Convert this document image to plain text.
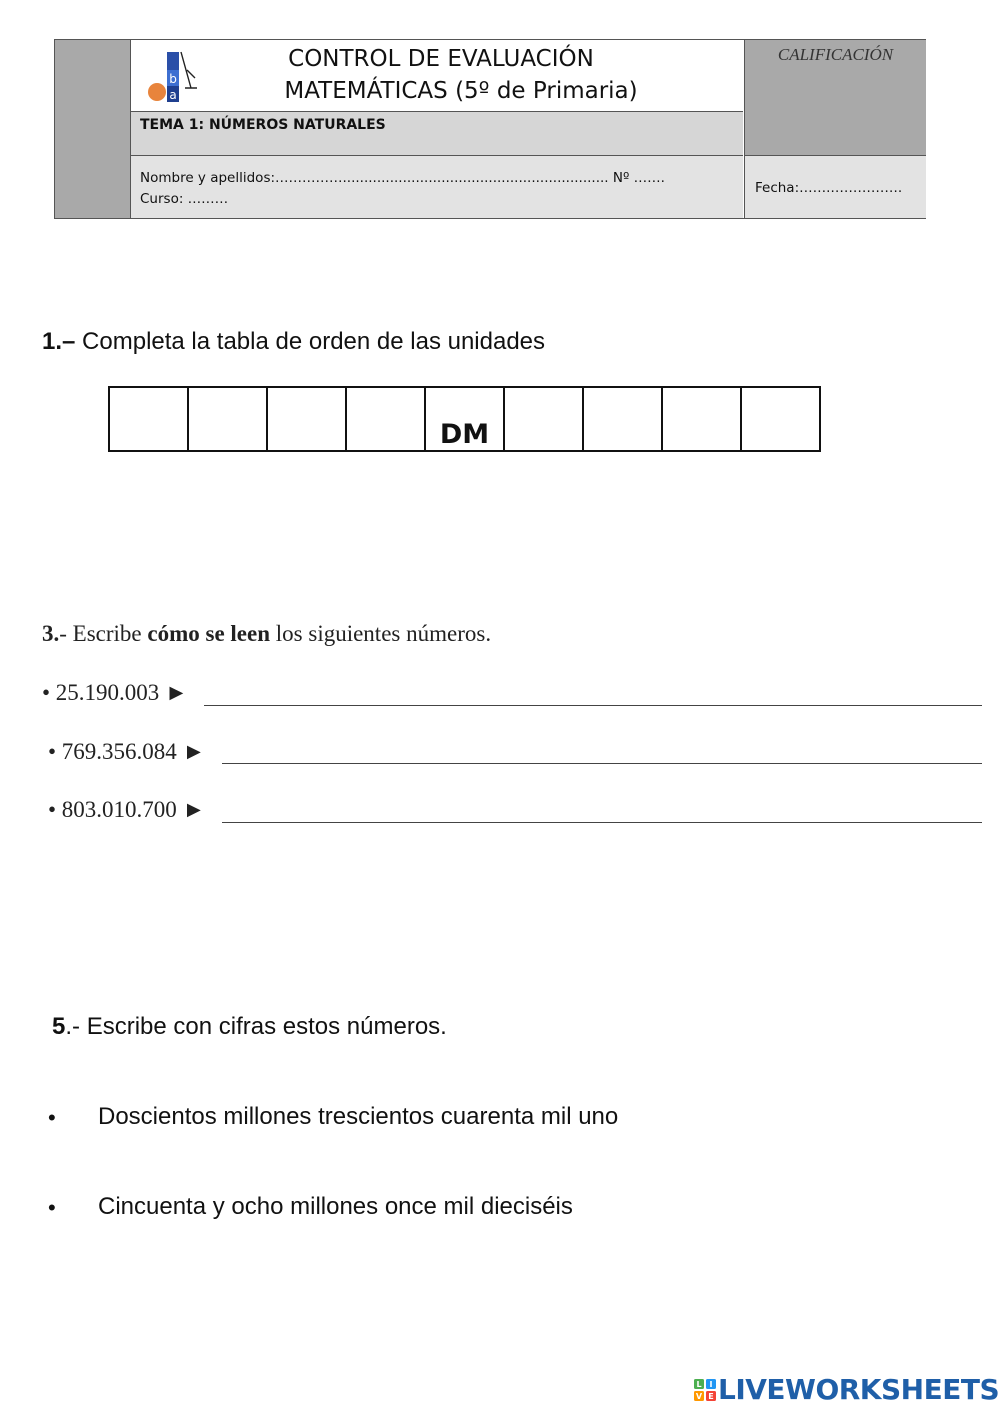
b
a
CONTROL DE EVALUACIÓN
MATEMÁTICAS (5º de Primaria)
TEMA 1: NÚMEROS NATURALES
Nombre y apellidos:…………….............................................................. Nº …….
Curso: ………
CALIFICACIÓN
Fecha:…….…………….
1.– Completa la tabla de orden de las unidades
				DM				
3.- Escribe cómo se leen los siguientes números.
• 25.190.003 ►
• 769.356.084 ►
• 803.010.700 ►
5.- Escribe con cifras estos números.
• Doscientos millones trescientos cuarenta mil uno
• Cincuenta y ocho millones once mil dieciséis
L I
V E LIVEWORKSHEETS
